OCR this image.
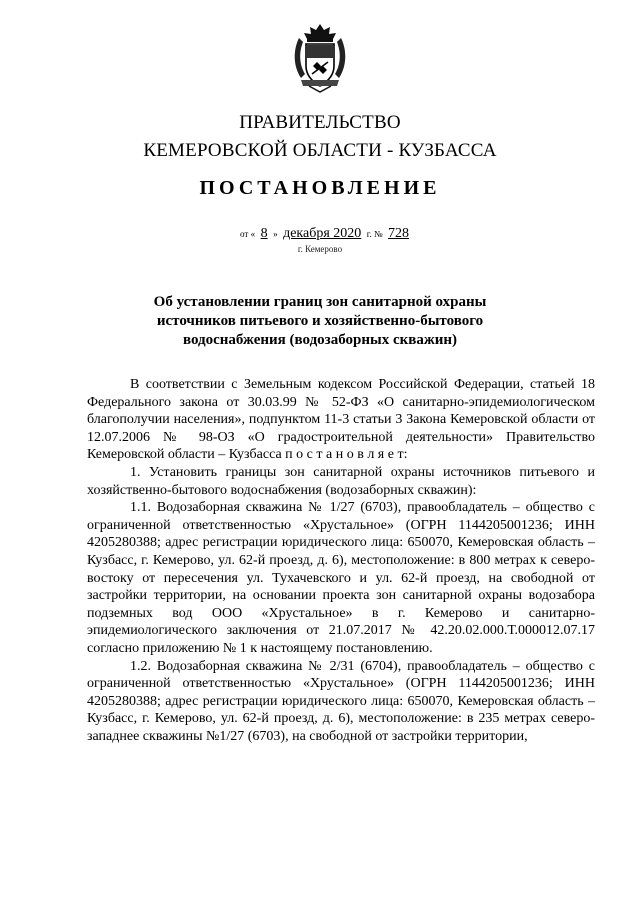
ПРАВИТЕЛЬСТВО
КЕМЕРОВСКОЙ ОБЛАСТИ - КУЗБАССА
ПОСТАНОВЛЕНИЕ
от « 8 » декабря 2020 г. № 728
г. Кемерово
Об установлении границ зон санитарной охраны источников питьевого и хозяйственно-бытового водоснабжения (водозаборных скважин)

В соответствии с Земельным кодексом Российской Федерации, статьей 18 Федерального закона от 30.03.99 № 52-ФЗ «О санитарно-эпидемиологическом благополучии населения», подпунктом 11-3 статьи 3 Закона Кемеровской области от 12.07.2006 № 98-ОЗ «О градостроительной деятельности» Правительство Кемеровской области – Кузбасса п о с т а н о в л я е т:

1. Установить границы зон санитарной охраны источников питьевого и хозяйственно-бытового водоснабжения (водозаборных скважин):

1.1. Водозаборная скважина № 1/27 (6703), правообладатель – общество с ограниченной ответственностью «Хрустальное» (ОГРН 1144205001236; ИНН 4205280388; адрес регистрации юридического лица: 650070, Кемеровская область – Кузбасс, г. Кемерово, ул. 62-й проезд, д. 6), местоположение: в 800 метрах к северо-востоку от пересечения ул. Тухачевского и ул. 62-й проезд, на свободной от застройки территории, на основании проекта зон санитарной охраны водозабора подземных вод ООО «Хрустальное» в г. Кемерово и санитарно-эпидемиологического заключения от 21.07.2017 № 42.20.02.000.Т.000012.07.17 согласно приложению № 1 к настоящему постановлению.

1.2. Водозаборная скважина № 2/31 (6704), правообладатель – общество с ограниченной ответственностью «Хрустальное» (ОГРН 1144205001236; ИНН 4205280388; адрес регистрации юридического лица: 650070, Кемеровская область – Кузбасс, г. Кемерово, ул. 62-й проезд, д. 6), местоположение: в 235 метрах северо-западнее скважины №1/27 (6703), на свободной от застройки территории,
